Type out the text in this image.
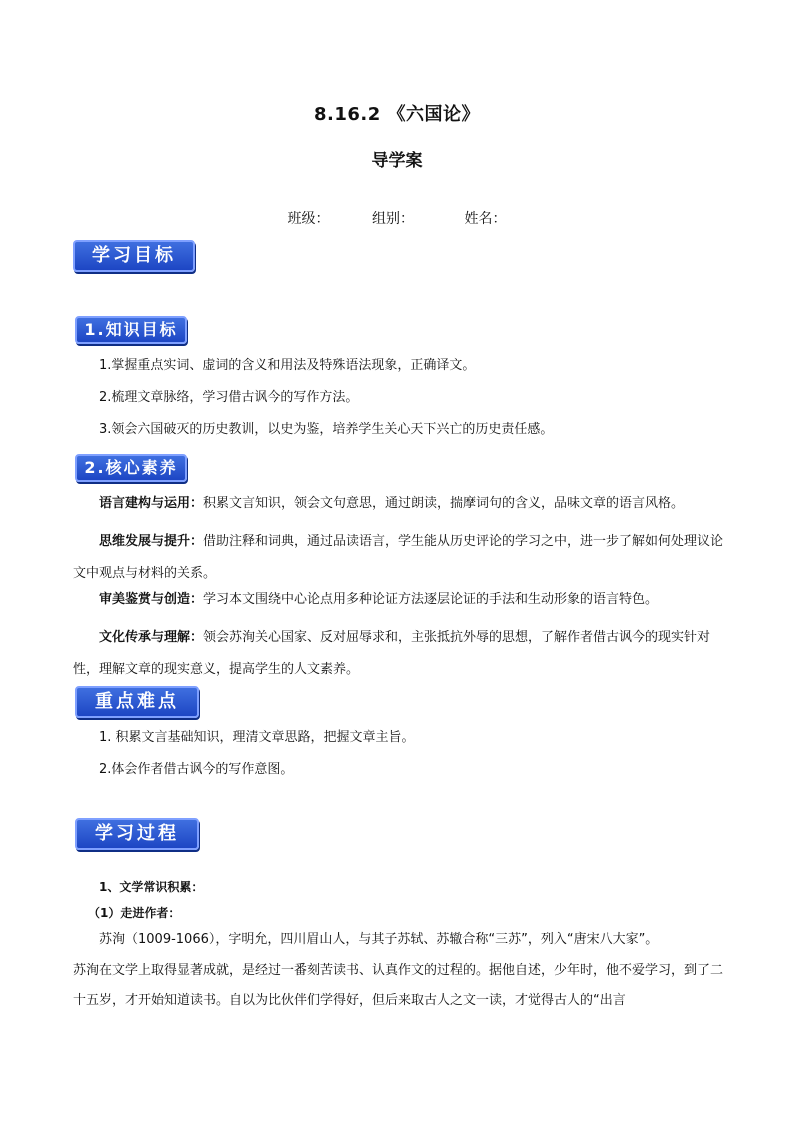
8.16.2 《六国论》
导学案
班级：	组别：	姓名：
学习目标
1.知识目标
1.掌握重点实词、虚词的含义和用法及特殊语法现象，正确译文。
2.梳理文章脉络，学习借古讽今的写作方法。
3.领会六国破灭的历史教训，以史为鉴，培养学生关心天下兴亡的历史责任感。
2.核心素养
语言建构与运用：积累文言知识，领会文句意思，通过朗读，揣摩词句的含义，品味文章的语言风格。
思维发展与提升：借助注释和词典，通过品读语言，学生能从历史评论的学习之中，进一步了解如何处理议论文中观点与材料的关系。
审美鉴赏与创造：学习本文围绕中心论点用多种论证方法逐层论证的手法和生动形象的语言特色。
文化传承与理解：领会苏洵关心国家、反对屈辱求和，主张抵抗外辱的思想，了解作者借古讽今的现实针对性，理解文章的现实意义，提高学生的人文素养。
重点难点
1. 积累文言基础知识，理清文章思路，把握文章主旨。
2.体会作者借古讽今的写作意图。
学习过程
1、文学常识积累：
（1）走进作者：
苏洵（1009-1066），字明允，四川眉山人，与其子苏轼、苏辙合称“三苏”，列入“唐宋八大家”。
苏洵在文学上取得显著成就，是经过一番刻苦读书、认真作文的过程的。据他自述，少年时，他不爱学习，到了二十五岁，才开始知道读书。自以为比伙伴们学得好，但后来取古人之文一读，才觉得古人的“出言
